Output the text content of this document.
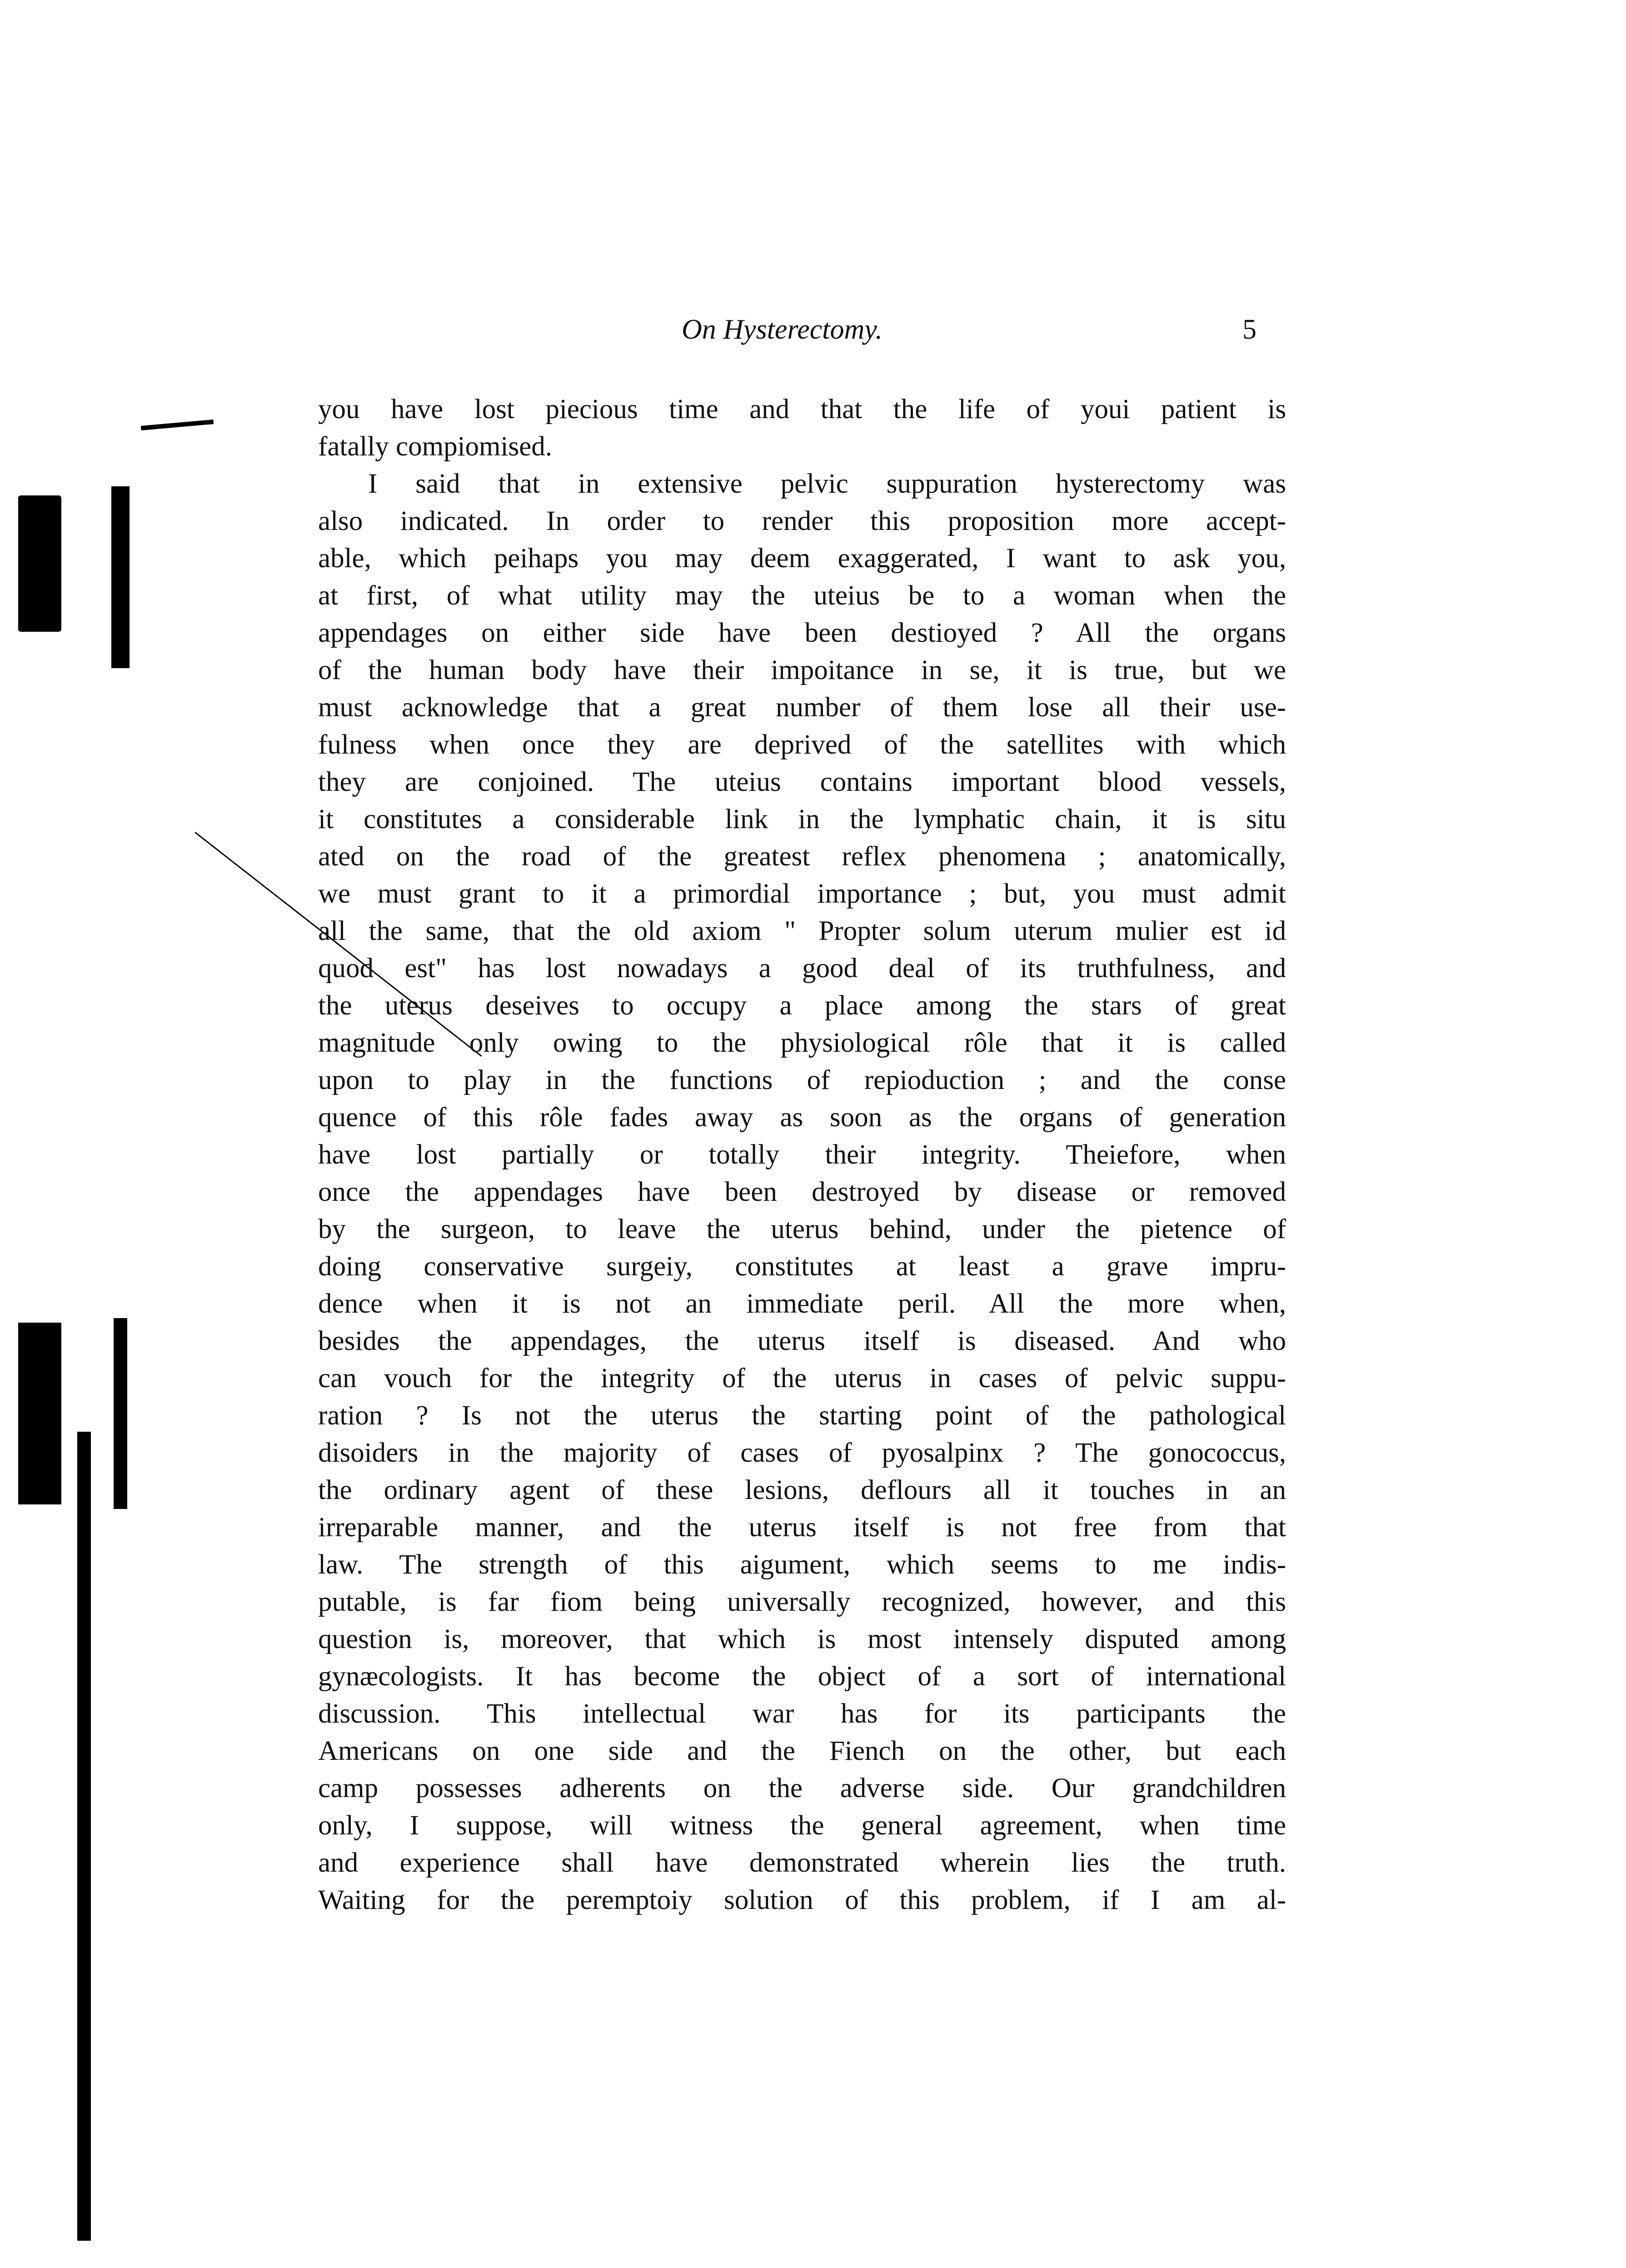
On Hysterectomy.	5
you have lost piecious time and that the life of youi patient is
fatally compiomised.
I said that in extensive pelvic suppuration hysterectomy was
also indicated. In order to render this proposition more accept-
able, which peihaps you may deem exaggerated, I want to ask you,
at first, of what utility may the uteius be to a woman when the
appendages on either side have been destioyed ? All the organs
of the human body have their impoitance in se, it is true, but we
must acknowledge that a great number of them lose all their use-
fulness when once they are deprived of the satellites with which
they are conjoined. The uteius contains important blood vessels,
it constitutes a considerable link in the lymphatic chain, it is situ
ated on the road of the greatest reflex phenomena ; anatomically,
we must grant to it a primordial importance ; but, you must admit
all the same, that the old axiom " Propter solum uterum mulier est id
quod est" has lost nowadays a good deal of its truthfulness, and
the uterus deseives to occupy a place among the stars of great
magnitude only owing to the physiological rôle that it is called
upon to play in the functions of repioduction ; and the conse
quence of this rôle fades away as soon as the organs of generation
have lost partially or totally their integrity. Theiefore, when
once the appendages have been destroyed by disease or removed
by the surgeon, to leave the uterus behind, under the pietence of
doing conservative surgeiy, constitutes at least a grave impru-
dence when it is not an immediate peril. All the more when,
besides the appendages, the uterus itself is diseased. And who
can vouch for the integrity of the uterus in cases of pelvic suppu-
ration ? Is not the uterus the starting point of the pathological
disoiders in the majority of cases of pyosalpinx ? The gonococcus,
the ordinary agent of these lesions, deflours all it touches in an
irreparable manner, and the uterus itself is not free from that
law. The strength of this aigument, which seems to me indis-
putable, is far fiom being universally recognized, however, and this
question is, moreover, that which is most intensely disputed among
gynæcologists. It has become the object of a sort of international
discussion. This intellectual war has for its participants the
Americans on one side and the Fiench on the other, but each
camp possesses adherents on the adverse side. Our grandchildren
only, I suppose, will witness the general agreement, when time
and experience shall have demonstrated wherein lies the truth.
Waiting for the peremptoiy solution of this problem, if I am al-
